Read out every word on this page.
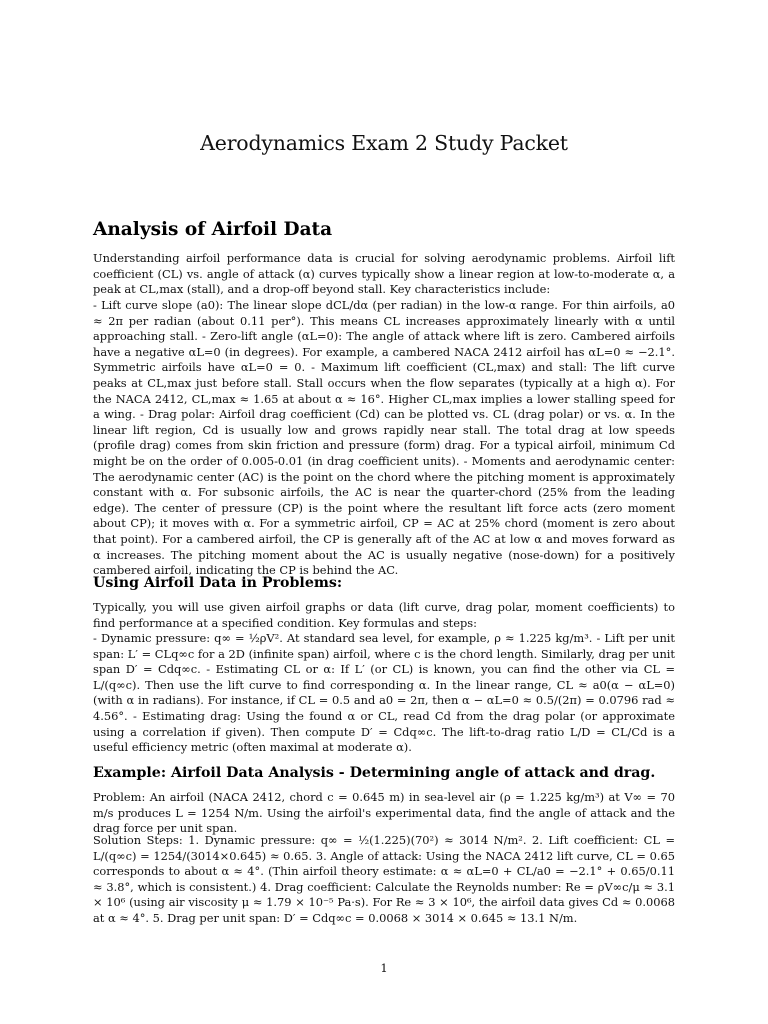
Aerodynamics Exam 2 Study Packet
Analysis of Airfoil Data

Understanding airfoil performance data is crucial for solving aerodynamic problems. Airfoil lift coefficient (CL) vs. angle of attack (α) curves typically show a linear region at low-to-moderate α, a peak at CL,max (stall), and a drop-off beyond stall. Key characteristics include:

- Lift curve slope (a0): The linear slope dCL/dα (per radian) in the low-α range. For thin airfoils, a0 ≈ 2π per radian (about 0.11 per°). This means CL increases approximately linearly with α until approaching stall. - Zero-lift angle (αL=0): The angle of attack where lift is zero. Cambered airfoils have a negative αL=0 (in degrees). For example, a cambered NACA 2412 airfoil has αL=0 ≈ −2.1°. Symmetric airfoils have αL=0 = 0. - Maximum lift coefficient (CL,max) and stall: The lift curve peaks at CL,max just before stall. Stall occurs when the flow separates (typically at a high α). For the NACA 2412, CL,max ≈ 1.65 at about α ≈ 16°. Higher CL,max implies a lower stalling speed for a wing. - Drag polar: Airfoil drag coefficient (Cd) can be plotted vs. CL (drag polar) or vs. α. In the linear lift region, Cd is usually low and grows rapidly near stall. The total drag at low speeds (profile drag) comes from skin friction and pressure (form) drag. For a typical airfoil, minimum Cd might be on the order of 0.005-0.01 (in drag coefficient units). - Moments and aerodynamic center: The aerodynamic center (AC) is the point on the chord where the pitching moment is approximately constant with α. For subsonic airfoils, the AC is near the quarter-chord (25% from the leading edge). The center of pressure (CP) is the point where the resultant lift force acts (zero moment about CP); it moves with α. For a symmetric airfoil, CP = AC at 25% chord (moment is zero about that point). For a cambered airfoil, the CP is generally aft of the AC at low α and moves forward as α increases. The pitching moment about the AC is usually negative (nose-down) for a positively cambered airfoil, indicating the CP is behind the AC.

Using Airfoil Data in Problems:

Typically, you will use given airfoil graphs or data (lift curve, drag polar, moment coefficients) to find performance at a specified condition. Key formulas and steps:

- Dynamic pressure: q∞ = ½ρV². At standard sea level, for example, ρ ≈ 1.225 kg/m³. - Lift per unit span: L′ = CLq∞c for a 2D (infinite span) airfoil, where c is the chord length. Similarly, drag per unit span D′ = Cdq∞c. - Estimating CL or α: If L′ (or CL) is known, you can find the other via CL = L/(q∞c). Then use the lift curve to find corresponding α. In the linear range, CL ≈ a0(α − αL=0) (with α in radians). For instance, if CL = 0.5 and a0 = 2π, then α − αL=0 ≈ 0.5/(2π) = 0.0796 rad ≈ 4.56°. - Estimating drag: Using the found α or CL, read Cd from the drag polar (or approximate using a correlation if given). Then compute D′ = Cdq∞c. The lift-to-drag ratio L/D = CL/Cd is a useful efficiency metric (often maximal at moderate α).

Example: Airfoil Data Analysis - Determining angle of attack and drag.

Problem: An airfoil (NACA 2412, chord c = 0.645 m) in sea-level air (ρ = 1.225 kg/m³) at V∞ = 70 m/s produces L = 1254 N/m. Using the airfoil's experimental data, find the angle of attack and the drag force per unit span.

Solution Steps: 1. Dynamic pressure: q∞ = ½(1.225)(70²) ≈ 3014 N/m². 2. Lift coefficient: CL = L/(q∞c) = 1254/(3014×0.645) ≈ 0.65. 3. Angle of attack: Using the NACA 2412 lift curve, CL = 0.65 corresponds to about α ≈ 4°. (Thin airfoil theory estimate: α ≈ αL=0 + CL/a0 = −2.1° + 0.65/0.11 ≈ 3.8°, which is consistent.) 4. Drag coefficient: Calculate the Reynolds number: Re = ρV∞c/μ ≈ 3.1 × 10⁶ (using air viscosity μ ≈ 1.79 × 10⁻⁵ Pa·s). For Re ≈ 3 × 10⁶, the airfoil data gives Cd ≈ 0.0068 at α ≈ 4°. 5. Drag per unit span: D′ = Cdq∞c = 0.0068 × 3014 × 0.645 ≈ 13.1 N/m.

1
